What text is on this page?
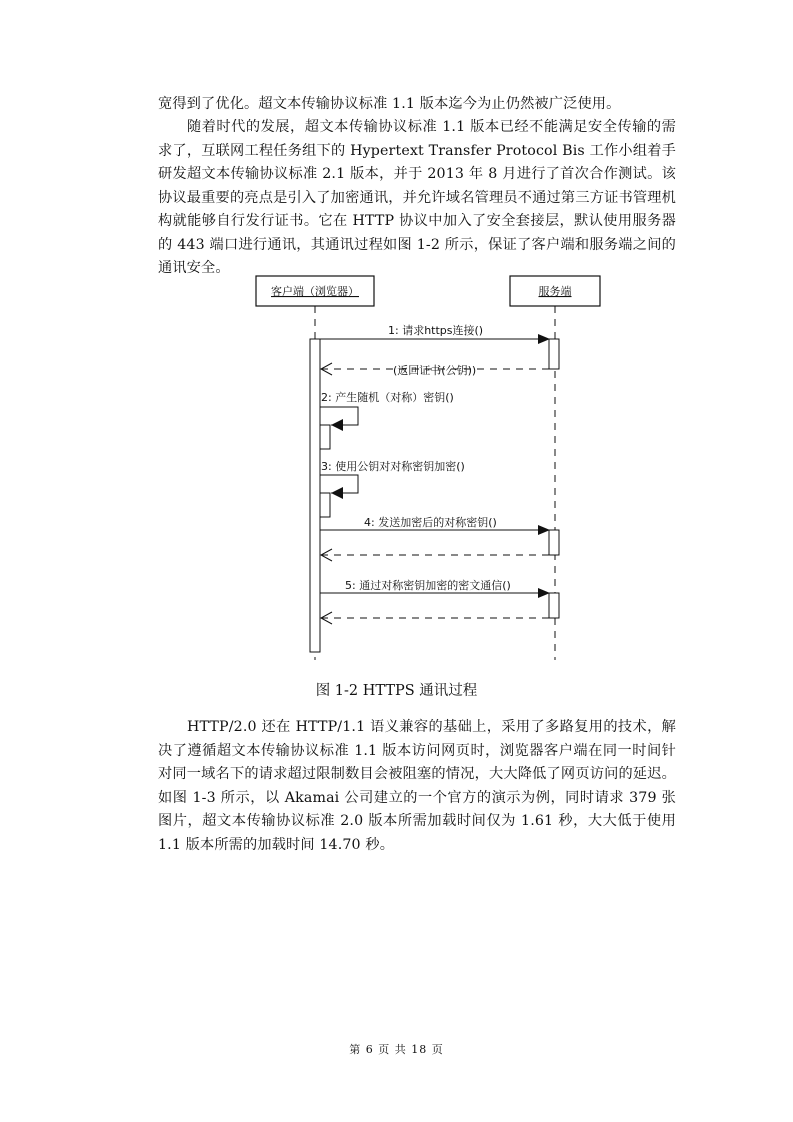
宽得到了优化。超文本传输协议标准 1.1 版本迄今为止仍然被广泛使用。

随着时代的发展，超文本传输协议标准 1.1 版本已经不能满足安全传输的需求了，互联网工程任务组下的 Hypertext Transfer Protocol Bis 工作小组着手研发超文本传输协议标准 2.1 版本，并于 2013 年 8 月进行了首次合作测试。该协议最重要的亮点是引入了加密通讯，并允许域名管理员不通过第三方证书管理机构就能够自行发行证书。它在 HTTP 协议中加入了安全套接层，默认使用服务器的 443 端口进行通讯，其通讯过程如图 1-2 所示，保证了客户端和服务端之间的通讯安全。

客户端（浏览器）	服务端
1: 请求https连接()
(返回证书(公钥))
2: 产生随机（对称）密钥()
3: 使用公钥对对称密钥加密()
4: 发送加密后的对称密钥()
5: 通过对称密钥加密的密文通信()
图 1-2 HTTPS 通讯过程

HTTP/2.0 还在 HTTP/1.1 语义兼容的基础上，采用了多路复用的技术，解决了遵循超文本传输协议标准 1.1 版本访问网页时，浏览器客户端在同一时间针对同一域名下的请求超过限制数目会被阻塞的情况，大大降低了网页访问的延迟。如图 1-3 所示，以 Akamai 公司建立的一个官方的演示为例，同时请求 379 张图片，超文本传输协议标准 2.0 版本所需加载时间仅为 1.61 秒，大大低于使用 1.1 版本所需的加载时间 14.70 秒。

第 6 页 共 18 页
